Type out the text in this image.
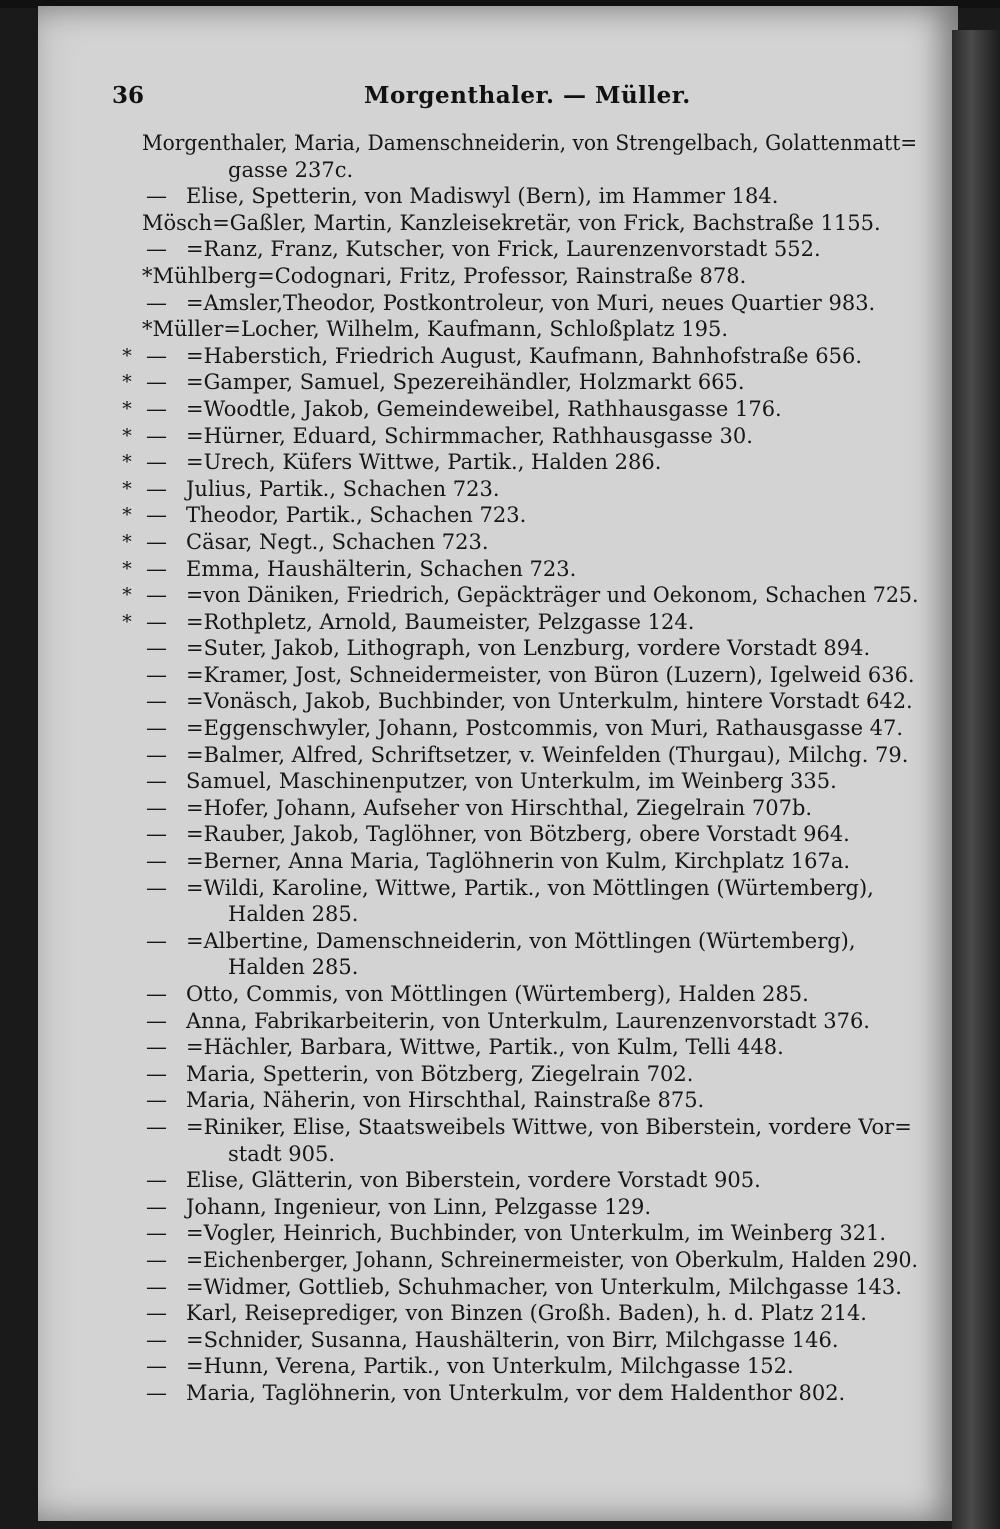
36	Morgenthaler. — Müller.
Morgenthaler, Maria, Damenschneiderin, von Strengelbach, Golattenmatt=
gasse 237c.
— Elise, Spetterin, von Madiswyl (Bern), im Hammer 184.
Mösch=Gaßler, Martin, Kanzleisekretär, von Frick, Bachstraße 1155.
— =Ranz, Franz, Kutscher, von Frick, Laurenzenvorstadt 552.
*Mühlberg=Codognari, Fritz, Professor, Rainstraße 878.
— =Amsler,Theodor, Postkontroleur, von Muri, neues Quartier 983.
*Müller=Locher, Wilhelm, Kaufmann, Schloßplatz 195.
* — =Haberstich, Friedrich August, Kaufmann, Bahnhofstraße 656.
* — =Gamper, Samuel, Spezereihändler, Holzmarkt 665.
* — =Woodtle, Jakob, Gemeindeweibel, Rathhausgasse 176.
* — =Hürner, Eduard, Schirmmacher, Rathhausgasse 30.
* — =Urech, Küfers Wittwe, Partik., Halden 286.
* — Julius, Partik., Schachen 723.
* — Theodor, Partik., Schachen 723.
* — Cäsar, Negt., Schachen 723.
* — Emma, Haushälterin, Schachen 723.
* — =von Däniken, Friedrich, Gepäckträger und Oekonom, Schachen 725.
* — =Rothpletz, Arnold, Baumeister, Pelzgasse 124.
— =Suter, Jakob, Lithograph, von Lenzburg, vordere Vorstadt 894.
— =Kramer, Jost, Schneidermeister, von Büron (Luzern), Igelweid 636.
— =Vonäsch, Jakob, Buchbinder, von Unterkulm, hintere Vorstadt 642.
— =Eggenschwyler, Johann, Postcommis, von Muri, Rathausgasse 47.
— =Balmer, Alfred, Schriftsetzer, v. Weinfelden (Thurgau), Milchg. 79.
— Samuel, Maschinenputzer, von Unterkulm, im Weinberg 335.
— =Hofer, Johann, Aufseher von Hirschthal, Ziegelrain 707b.
— =Rauber, Jakob, Taglöhner, von Bötzberg, obere Vorstadt 964.
— =Berner, Anna Maria, Taglöhnerin von Kulm, Kirchplatz 167a.
— =Wildi, Karoline, Wittwe, Partik., von Möttlingen (Würtemberg),
Halden 285.
— =Albertine, Damenschneiderin, von Möttlingen (Würtemberg),
Halden 285.
— Otto, Commis, von Möttlingen (Würtemberg), Halden 285.
— Anna, Fabrikarbeiterin, von Unterkulm, Laurenzenvorstadt 376.
— =Hächler, Barbara, Wittwe, Partik., von Kulm, Telli 448.
— Maria, Spetterin, von Bötzberg, Ziegelrain 702.
— Maria, Näherin, von Hirschthal, Rainstraße 875.
— =Riniker, Elise, Staatsweibels Wittwe, von Biberstein, vordere Vor=
stadt 905.
— Elise, Glätterin, von Biberstein, vordere Vorstadt 905.
— Johann, Ingenieur, von Linn, Pelzgasse 129.
— =Vogler, Heinrich, Buchbinder, von Unterkulm, im Weinberg 321.
— =Eichenberger, Johann, Schreinermeister, von Oberkulm, Halden 290.
— =Widmer, Gottlieb, Schuhmacher, von Unterkulm, Milchgasse 143.
— Karl, Reiseprediger, von Binzen (Großh. Baden), h. d. Platz 214.
— =Schnider, Susanna, Haushälterin, von Birr, Milchgasse 146.
— =Hunn, Verena, Partik., von Unterkulm, Milchgasse 152.
— Maria, Taglöhnerin, von Unterkulm, vor dem Haldenthor 802.
